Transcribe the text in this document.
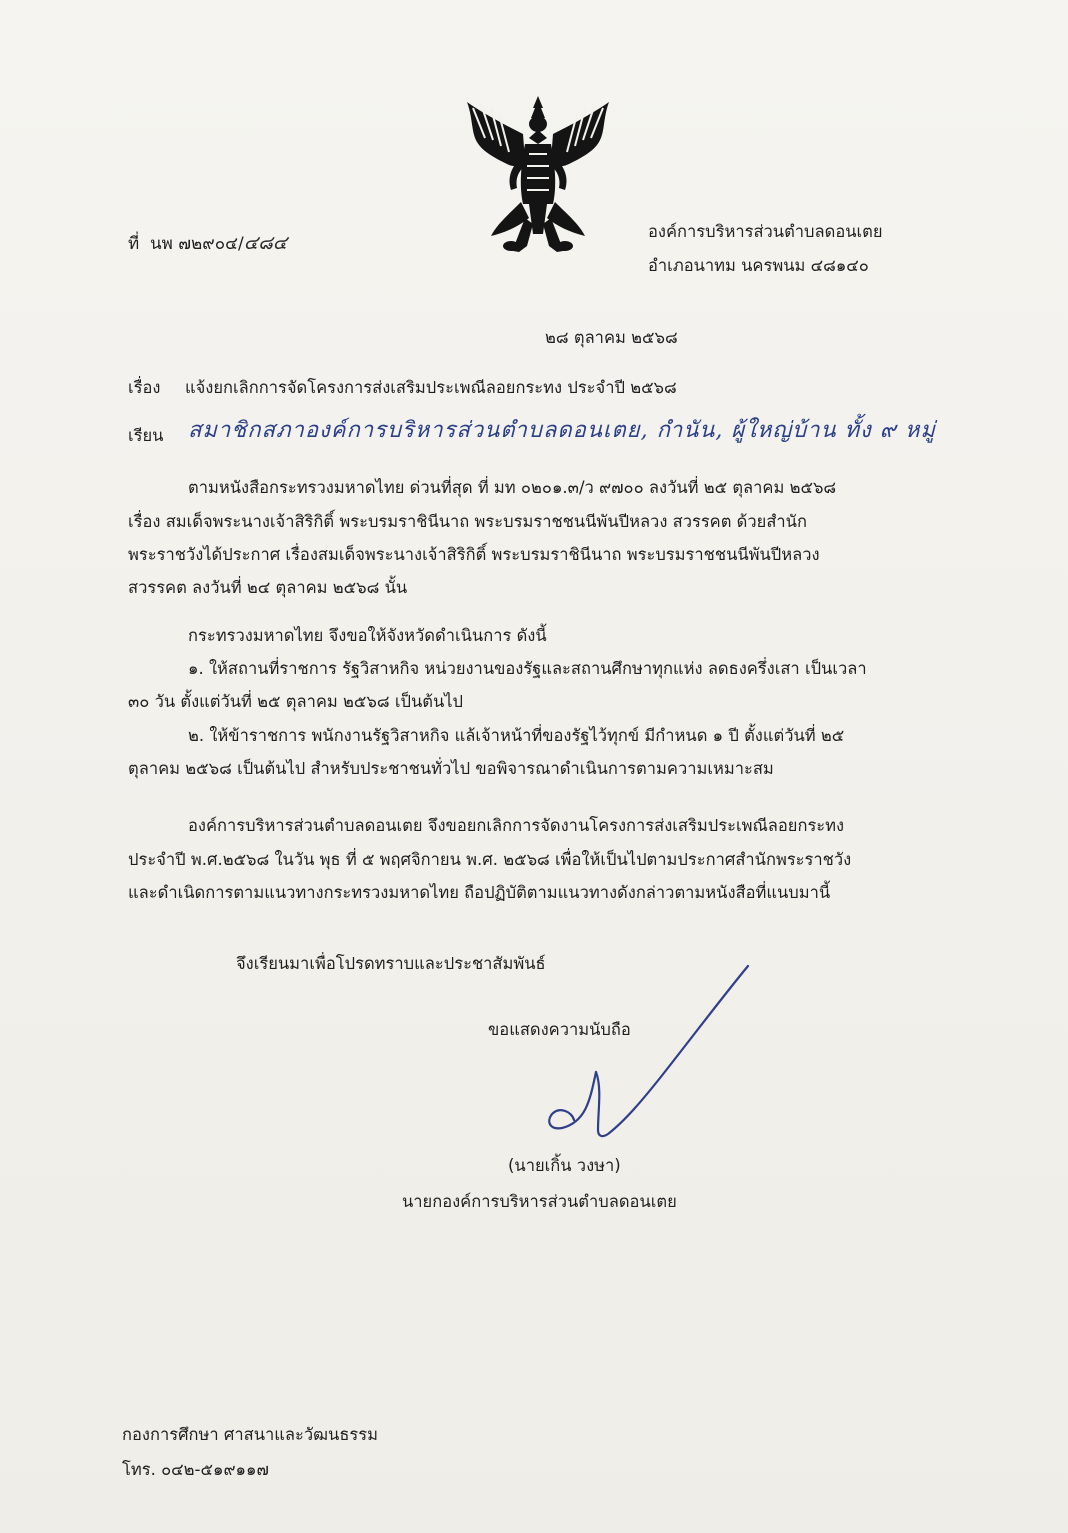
ที่ นพ ๗๒๙๐๔/๔๘๔
องค์การบริหารส่วนตำบลดอนเตย
อำเภอนาทม นครพนม ๔๘๑๔๐
๒๘ ตุลาคม ๒๕๖๘
เรื่อง แจ้งยกเลิกการจัดโครงการส่งเสริมประเพณีลอยกระทง ประจำปี ๒๕๖๘
เรียน สมาชิกสภาองค์การบริหารส่วนตำบลดอนเตย, กำนัน, ผู้ใหญ่บ้าน ทั้ง ๙ หมู่
ตามหนังสือกระทรวงมหาดไทย ด่วนที่สุด ที่ มท ๐๒๐๑.๓/ว ๙๗๐๐ ลงวันที่ ๒๕ ตุลาคม ๒๕๖๘
เรื่อง สมเด็จพระนางเจ้าสิริกิติ์ พระบรมราชินีนาถ พระบรมราชชนนีพันปีหลวง สวรรคต ด้วยสำนัก
พระราชวังได้ประกาศ เรื่องสมเด็จพระนางเจ้าสิริกิติ์ พระบรมราชินีนาถ พระบรมราชชนนีพันปีหลวง
สวรรคต ลงวันที่ ๒๔ ตุลาคม ๒๕๖๘ นั้น
กระทรวงมหาดไทย จึงขอให้จังหวัดดำเนินการ ดังนี้
๑. ให้สถานที่ราชการ รัฐวิสาหกิจ หน่วยงานของรัฐและสถานศึกษาทุกแห่ง ลดธงครึ่งเสา เป็นเวลา
๓๐ วัน ตั้งแต่วันที่ ๒๕ ตุลาคม ๒๕๖๘ เป็นต้นไป
๒. ให้ข้าราชการ พนักงานรัฐวิสาหกิจ แล้เจ้าหน้าที่ของรัฐไว้ทุกข์ มีกำหนด ๑ ปี ตั้งแต่วันที่ ๒๕
ตุลาคม ๒๕๖๘ เป็นต้นไป สำหรับประชาชนทั่วไป ขอพิจารณาดำเนินการตามความเหมาะสม
องค์การบริหารส่วนตำบลดอนเตย จึงขอยกเลิกการจัดงานโครงการส่งเสริมประเพณีลอยกระทง
ประจำปี พ.ศ.๒๕๖๘ ในวัน พุธ ที่ ๕ พฤศจิกายน พ.ศ. ๒๕๖๘ เพื่อให้เป็นไปตามประกาศสำนักพระราชวัง
และดำเนิดการตามแนวทางกระทรวงมหาดไทย ถือปฏิบัติตามแนวทางดังกล่าวตามหนังสือที่แนบมานี้
จึงเรียนมาเพื่อโปรดทราบและประชาสัมพันธ์
ขอแสดงความนับถือ
(นายเกิ้น วงษา)
นายกองค์การบริหารส่วนตำบลดอนเตย
กองการศึกษา ศาสนาและวัฒนธรรม
โทร. ๐๔๒-๕๑๙๑๑๗
